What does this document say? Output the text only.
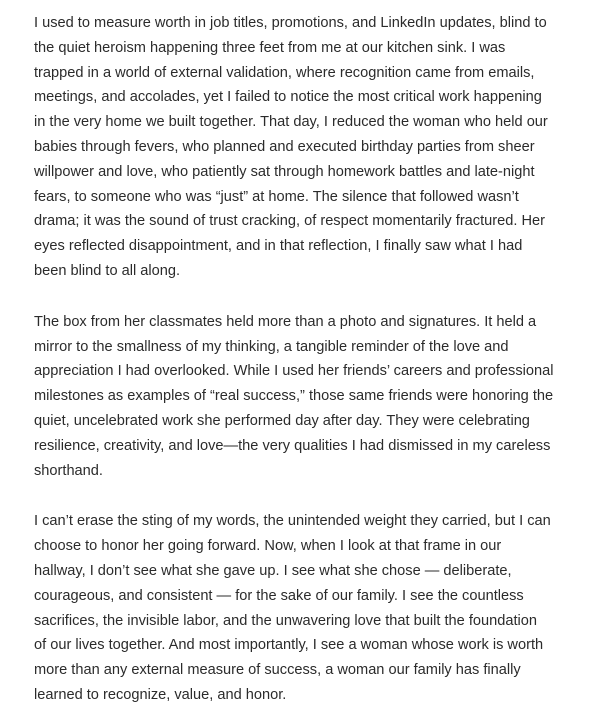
I used to measure worth in job titles, promotions, and LinkedIn updates, blind to
the quiet heroism happening three feet from me at our kitchen sink. I was
trapped in a world of external validation, where recognition came from emails,
meetings, and accolades, yet I failed to notice the most critical work happening
in the very home we built together. That day, I reduced the woman who held our
babies through fevers, who planned and executed birthday parties from sheer
willpower and love, who patiently sat through homework battles and late-night
fears, to someone who was “just” at home. The silence that followed wasn’t
drama; it was the sound of trust cracking, of respect momentarily fractured. Her
eyes reflected disappointment, and in that reflection, I finally saw what I had
been blind to all along.

The box from her classmates held more than a photo and signatures. It held a
mirror to the smallness of my thinking, a tangible reminder of the love and
appreciation I had overlooked. While I used her friends’ careers and professional
milestones as examples of “real success,” those same friends were honoring the
quiet, uncelebrated work she performed day after day. They were celebrating
resilience, creativity, and love—the very qualities I had dismissed in my careless
shorthand.

I can’t erase the sting of my words, the unintended weight they carried, but I can
choose to honor her going forward. Now, when I look at that frame in our
hallway, I don’t see what she gave up. I see what she chose — deliberate,
courageous, and consistent — for the sake of our family. I see the countless
sacrifices, the invisible labor, and the unwavering love that built the foundation
of our lives together. And most importantly, I see a woman whose work is worth
more than any external measure of success, a woman our family has finally
learned to recognize, value, and honor.
